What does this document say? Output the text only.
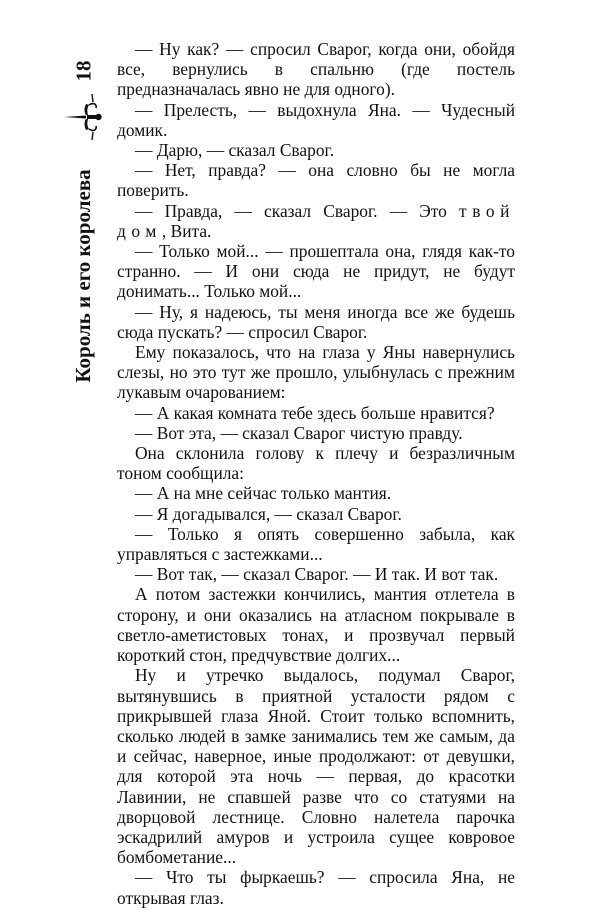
18
Король и его королева

— Ну как? — спросил Сварог, когда они, обойдя все, вернулись в спальню (где постель предназначалась явно не для одного).

— Прелесть, — выдохнула Яна. — Чудесный домик.

— Дарю, — сказал Сварог.

— Нет, правда? — она словно бы не могла поверить.

— Правда, — сказал Сварог. — Это твой дом, Вита.

— Только мой... — прошептала она, глядя как-то странно. — И они сюда не придут, не будут донимать... Только мой...

— Ну, я надеюсь, ты меня иногда все же будешь сюда пускать? — спросил Сварог.

Ему показалось, что на глаза у Яны навернулись слезы, но это тут же прошло, улыбнулась с прежним лукавым очарованием:

— А какая комната тебе здесь больше нравится?

— Вот эта, — сказал Сварог чистую правду.

Она склонила голову к плечу и безразличным тоном сообщила:

— А на мне сейчас только мантия.

— Я догадывался, — сказал Сварог.

— Только я опять совершенно забыла, как управляться с застежками...

— Вот так, — сказал Сварог. — И так. И вот так.

А потом застежки кончились, мантия отлетела в сторону, и они оказались на атласном покрывале в светло-аметистовых тонах, и прозвучал первый короткий стон, предчувствие долгих...

Ну и утречко выдалось, подумал Сварог, вытянувшись в приятной усталости рядом с прикрывшей глаза Яной. Стоит только вспомнить, сколько людей в замке занимались тем же самым, да и сейчас, наверное, иные продолжают: от девушки, для которой эта ночь — первая, до красотки Лавинии, не спавшей разве что со статуями на дворцовой лестнице. Словно налетела парочка эскадрилий амуров и устроила сущее ковровое бомбометание...

— Что ты фыркаешь? — спросила Яна, не открывая глаз.
